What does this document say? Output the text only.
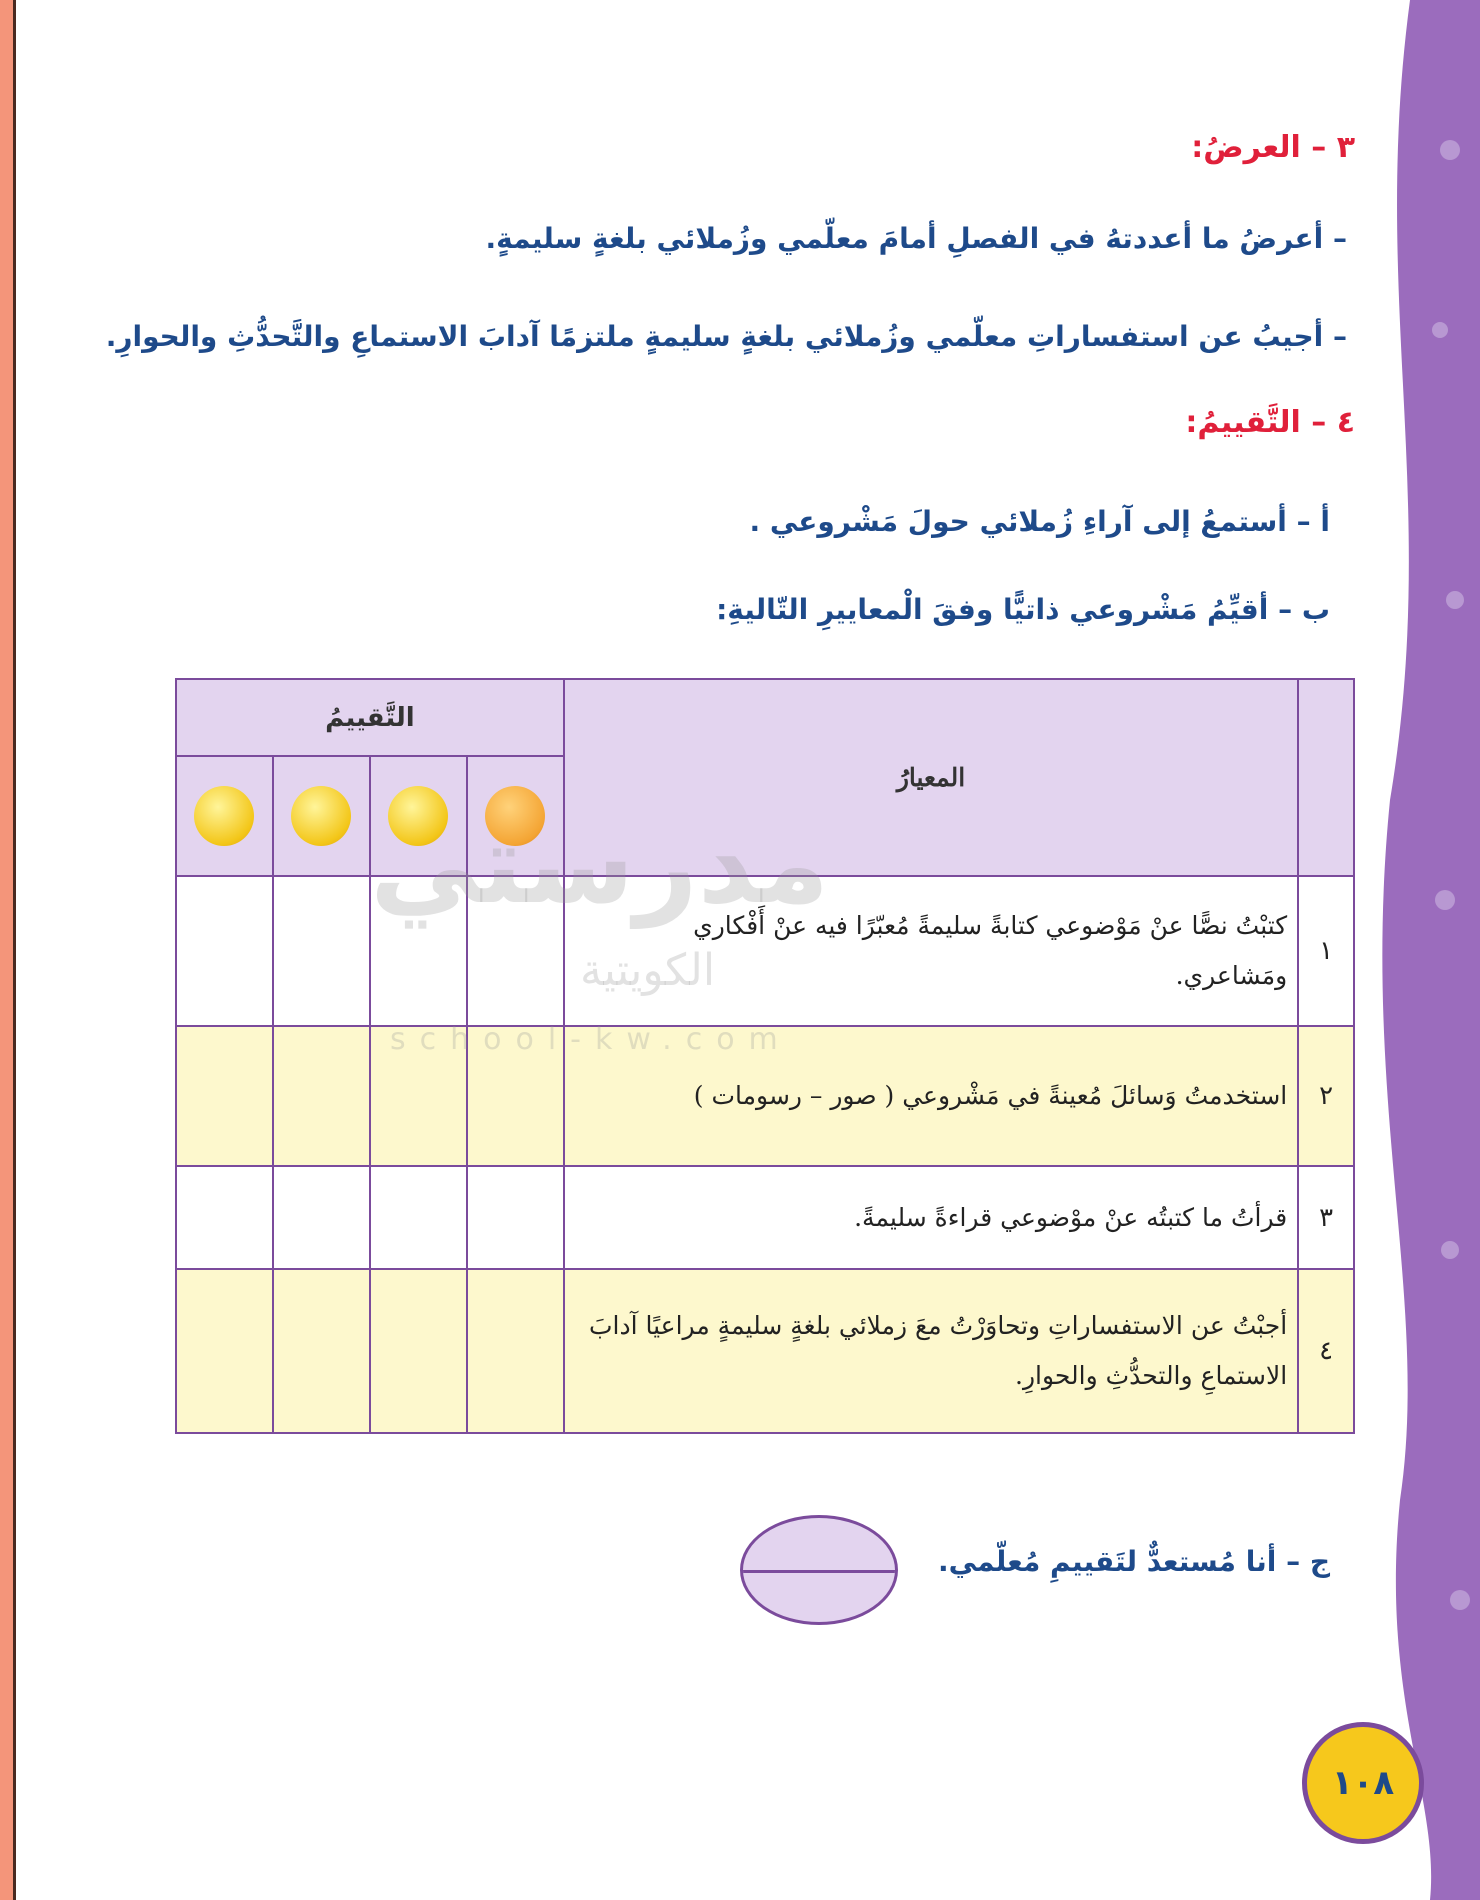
٣ – العرضُ:
– أعرضُ ما أعددتهُ في الفصلِ أمامَ معلّمي وزُملائي بلغةٍ سليمةٍ.
– أجيبُ عن استفساراتِ معلّمي وزُملائي بلغةٍ سليمةٍ ملتزمًا آدابَ الاستماعِ والتَّحدُّثِ والحوارِ.
٤ – التَّقييمُ:
أ – أستمعُ إلى آراءِ زُملائي حولَ مَشْروعي .
ب – أقيِّمُ مَشْروعي ذاتيًّا وفقَ الْمعاييرِ التّاليةِ:
	المعيارُ	التَّقييمُ			

١	كتبْتُ نصًّا عنْ مَوْضوعي كتابةً سليمةً مُعبّرًا فيه عنْ أَفْكاري ومَشاعري.				
٢	استخدمتُ وَسائلَ مُعينةً في مَشْروعي ( صور – رسومات )				
٣	قرأتُ ما كتبتُه عنْ موْضوعي قراءةً سليمةً.				
٤	أجبْتُ عن الاستفساراتِ وتحاوَرْتُ معَ زملائي بلغةٍ سليمةٍ مراعيًا آدابَ الاستماعِ والتحدُّثِ والحوارِ.				
مدرستي
الكويتية
school-kw.com
ج – أنا مُستعدٌّ لتَقييمِ مُعلّمي.
١٠٨
